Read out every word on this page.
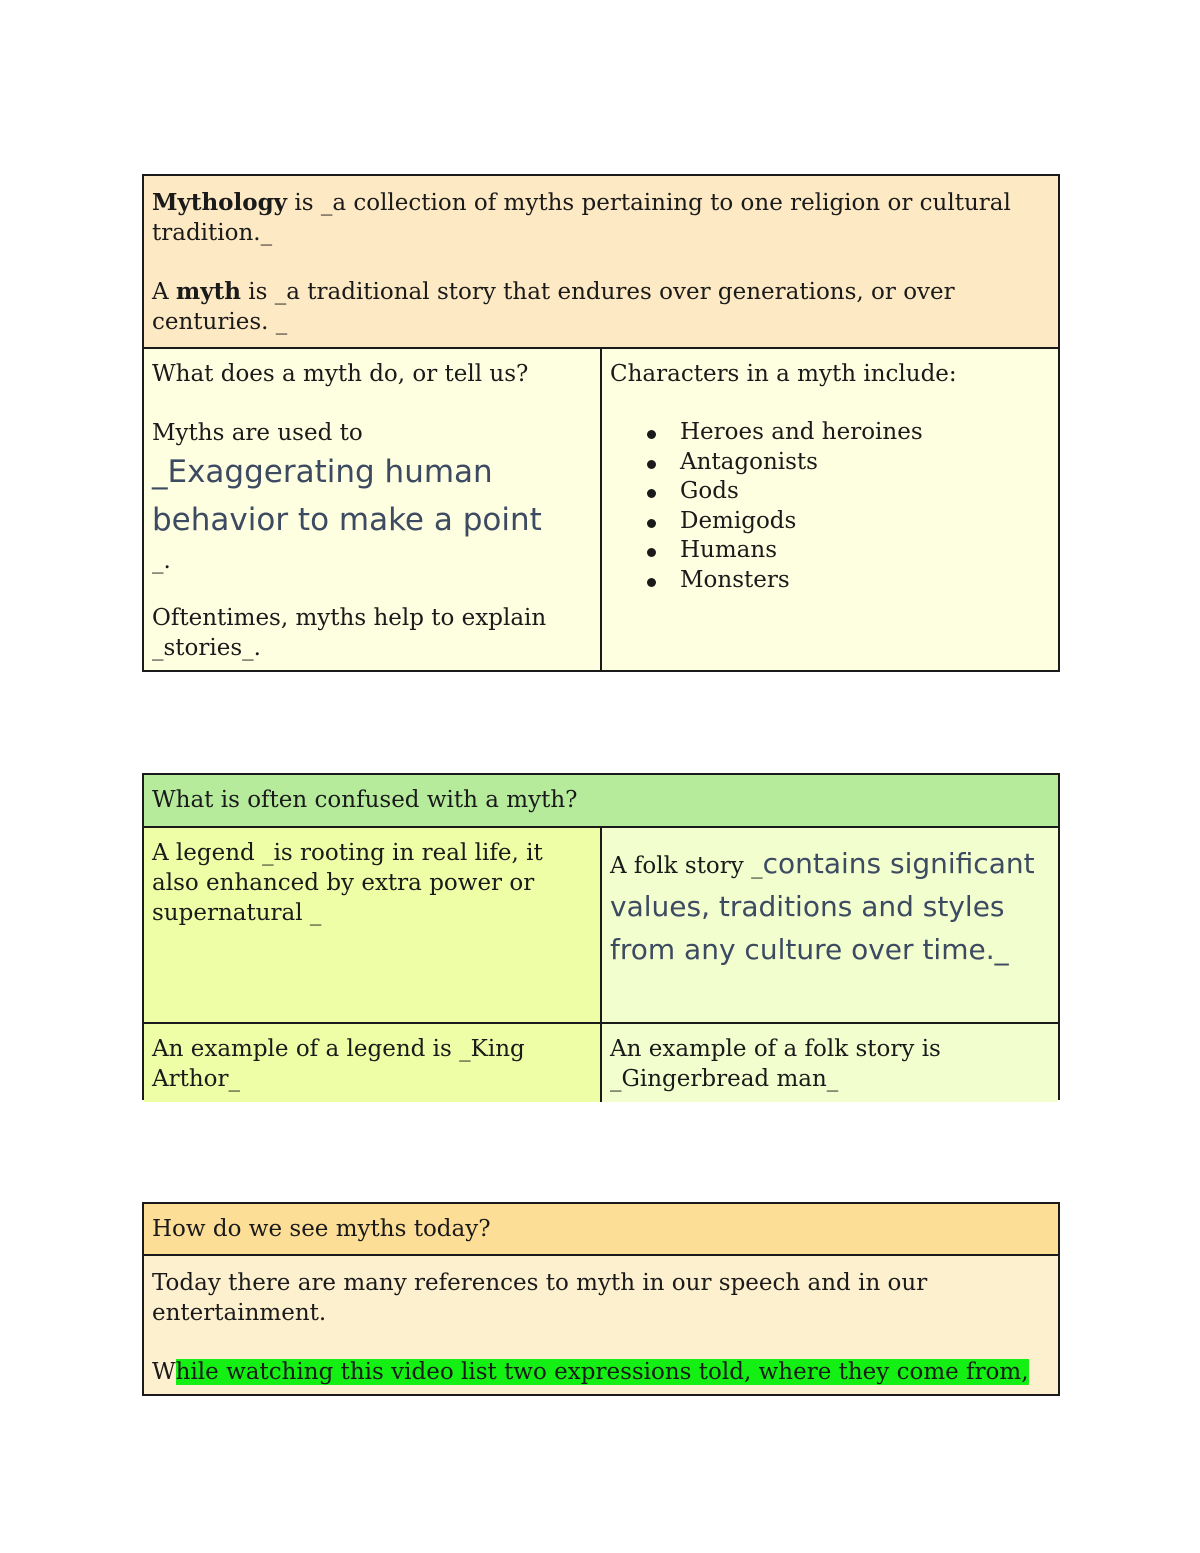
Mythology is _a collection of myths pertaining to one religion or cultural tradition._

A myth is _a traditional story that endures over generations, or over centuries. _

What does a myth do, or tell us?

Myths are used to

_Exaggerating human behavior to make a point

_.

Oftentimes, myths help to explain _stories_.

Characters in a myth include:

Heroes and heroines
Antagonists
Gods
Demigods
Humans
Monsters

What is often confused with a myth?

A legend _is rooting in real life, it also enhanced by extra power or supernatural _

A folk story _contains significant values, traditions and styles from any culture over time._

An example of a legend is _King Arthor_

An example of a folk story is _Gingerbread man_

How do we see myths today?

Today there are many references to myth in our speech and in our entertainment.

While watching this video list two expressions told, where they come from,
